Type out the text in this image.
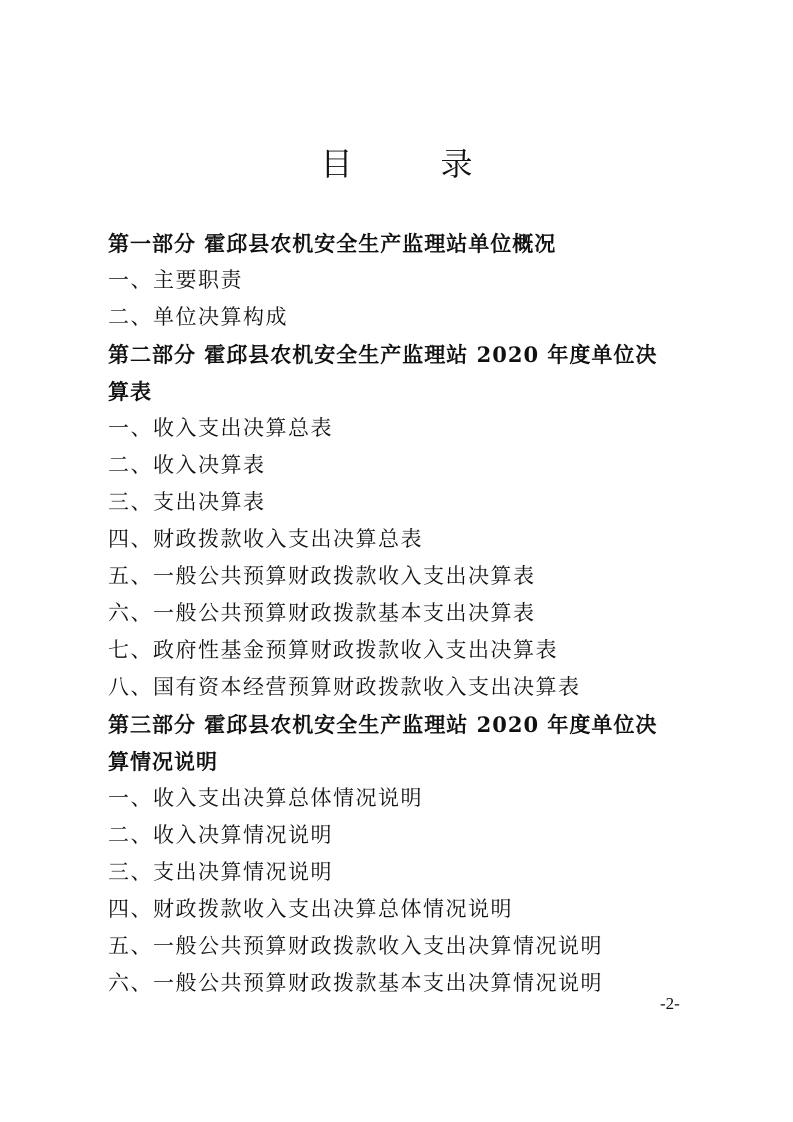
目　录
第一部分 霍邱县农机安全生产监理站单位概况
一、主要职责
二、单位决算构成
第二部分 霍邱县农机安全生产监理站 2020 年度单位决
算表
一、收入支出决算总表
二、收入决算表
三、支出决算表
四、财政拨款收入支出决算总表
五、一般公共预算财政拨款收入支出决算表
六、一般公共预算财政拨款基本支出决算表
七、政府性基金预算财政拨款收入支出决算表
八、国有资本经营预算财政拨款收入支出决算表
第三部分 霍邱县农机安全生产监理站 2020 年度单位决
算情况说明
一、收入支出决算总体情况说明
二、收入决算情况说明
三、支出决算情况说明
四、财政拨款收入支出决算总体情况说明
五、一般公共预算财政拨款收入支出决算情况说明
六、一般公共预算财政拨款基本支出决算情况说明
-2-
